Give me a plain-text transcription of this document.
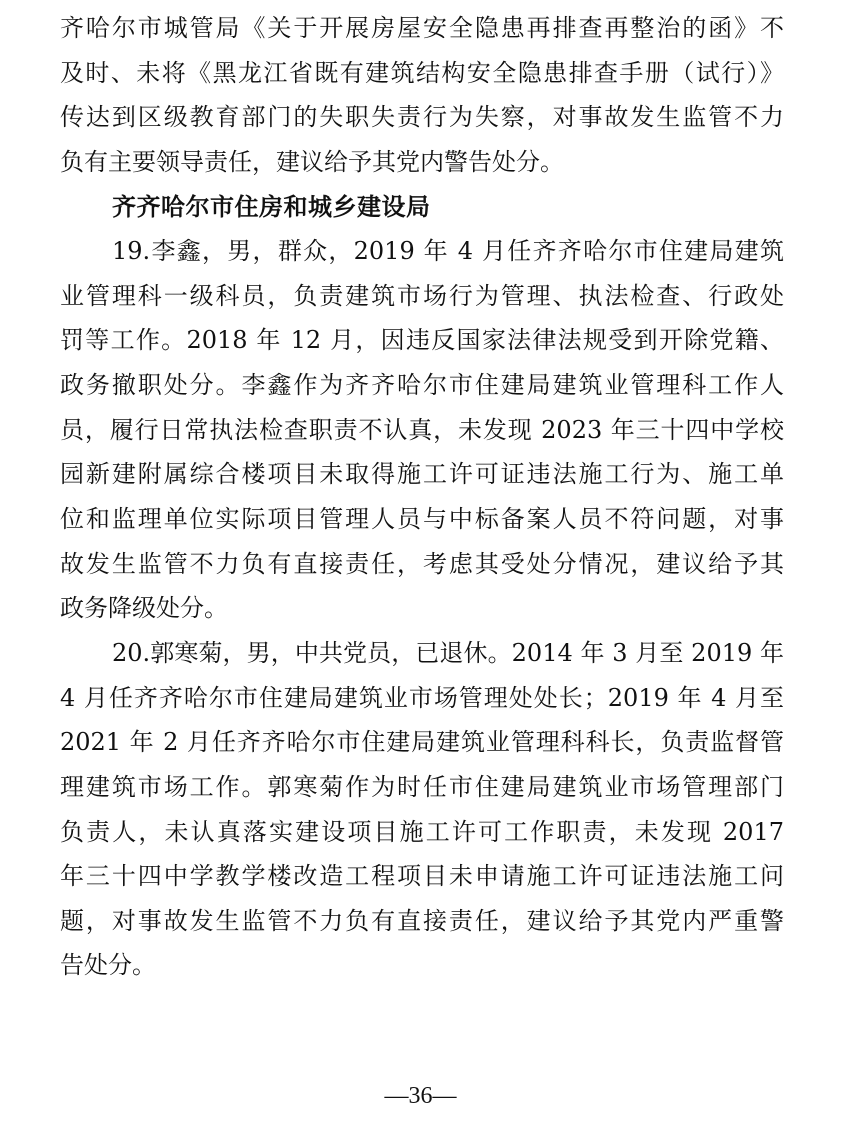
齐哈尔市城管局《关于开展房屋安全隐患再排查再整治的函》不
及时、未将《黑龙江省既有建筑结构安全隐患排查手册（试行）》
传达到区级教育部门的失职失责行为失察，对事故发生监管不力
负有主要领导责任，建议给予其党内警告处分。
齐齐哈尔市住房和城乡建设局
19.李鑫，男，群众，2019 年 4 月任齐齐哈尔市住建局建筑
业管理科一级科员，负责建筑市场行为管理、执法检查、行政处
罚等工作。2018 年 12 月，因违反国家法律法规受到开除党籍、
政务撤职处分。李鑫作为齐齐哈尔市住建局建筑业管理科工作人
员，履行日常执法检查职责不认真，未发现 2023 年三十四中学校
园新建附属综合楼项目未取得施工许可证违法施工行为、施工单
位和监理单位实际项目管理人员与中标备案人员不符问题，对事
故发生监管不力负有直接责任，考虑其受处分情况，建议给予其
政务降级处分。
20.郭寒菊，男，中共党员，已退休。2014 年 3 月至 2019 年
4 月任齐齐哈尔市住建局建筑业市场管理处处长；2019 年 4 月至
2021 年 2 月任齐齐哈尔市住建局建筑业管理科科长，负责监督管
理建筑市场工作。郭寒菊作为时任市住建局建筑业市场管理部门
负责人，未认真落实建设项目施工许可工作职责，未发现 2017
年三十四中学教学楼改造工程项目未申请施工许可证违法施工问
题，对事故发生监管不力负有直接责任，建议给予其党内严重警
告处分。
—36—
